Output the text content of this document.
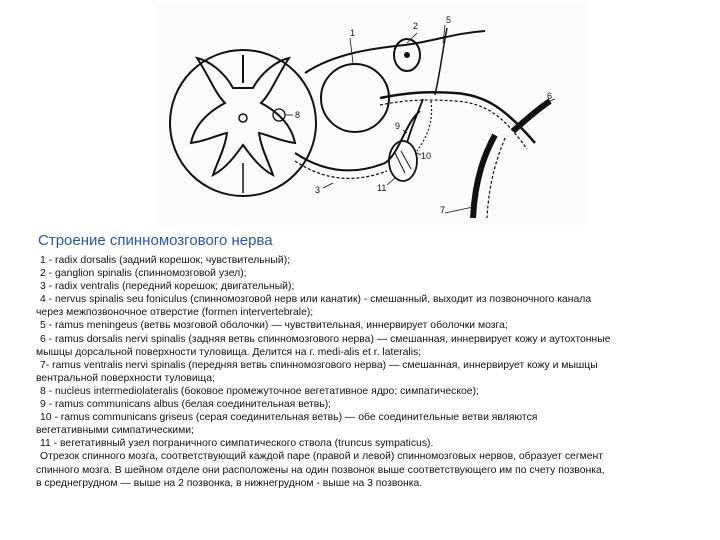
1
2
3
5
6
7
8
9
10
11
Строение спинномозгового нерва

1 - radix dorsalis (задний корешок; чувствительный);

2 - ganglion spinalis (спинномозговой узел);

3 - radix ventralis (передний корешок; двигательный);

4 - nervus spinalis seu foniculus (спинномозговой нерв или канатик) - смешанный, выходит из позвоночного канала

через межпозвоночное отверстие (formen intervertebrale);

5 - ramus meningeus (ветвь мозговой оболочки) — чувствительная, иннервирует оболочки мозга;

6 - ramus dorsalis nervi spinalis (задняя ветвь спинномозгового нерва) — смешанная, иннервирует кожу и аутохтонные

мышцы дорсальной поверхности туловища. Делится на г. medi-alis et r. lateralis;

7- ramus ventralis nervi spinalis (передняя ветвь спинномозгового нерва) — смешанная, иннервирует кожу и мышцы

вентральной поверхности туловища;

8 - nucleus intermediolateralis (боковое промежуточное вегетативное ядро; симпатическое);

9 - ramus communicans albus (белая соединительная ветвь);

10 - ramus communicans griseus (серая соединительная ветвь) — обе соединительные ветви являются

вегетативными симпатическими;

11 - вегетативный узел пограничного симпатического ствола (truncus sympaticus).

Отрезок спинного мозга, соответствующий каждой паре (правой и левой) спинномозговых нервов, образует сегмент

спинного мозга. В шейном отделе они расположены на один позвонок выше соответствующего им по счету позвонка,

в среднегрудном — выше на 2 позвонка, в нижнегрудном - выше на 3 позвонка.
